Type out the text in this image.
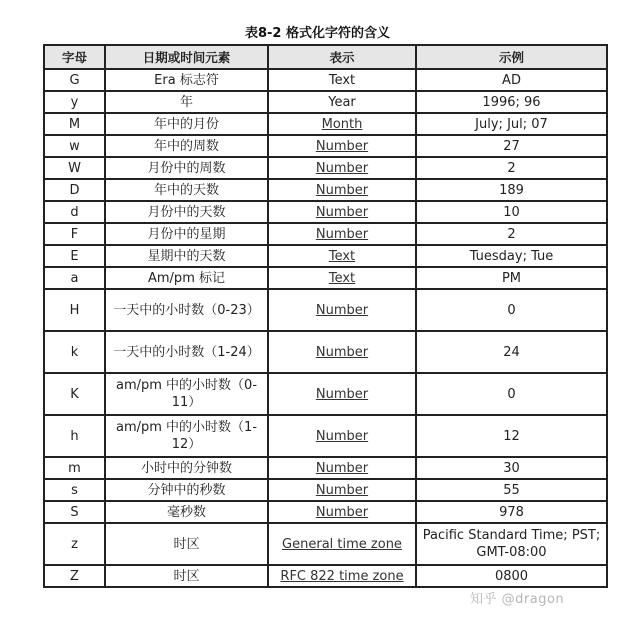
表8-2 格式化字符的含义
字母	日期或时间元素	表示	示例
G	Era 标志符	Text	AD
y	年	Year	1996; 96
M	年中的月份	Month	July; Jul; 07
w	年中的周数	Number	27
W	月份中的周数	Number	2
D	年中的天数	Number	189
d	月份中的天数	Number	10
F	月份中的星期	Number	2
E	星期中的天数	Text	Tuesday; Tue
a	Am/pm 标记	Text	PM
H	一天中的小时数（0-23）	Number	0
k	一天中的小时数（1-24）	Number	24
K	am/pm 中的小时数（0-11）	Number	0
h	am/pm 中的小时数（1-12）	Number	12
m	小时中的分钟数	Number	30
s	分钟中的秒数	Number	55
S	毫秒数	Number	978
z	时区	General time zone	Pacific Standard Time; PST; GMT-08:00
Z	时区	RFC 822 time zone	0800
知乎 @dragon
